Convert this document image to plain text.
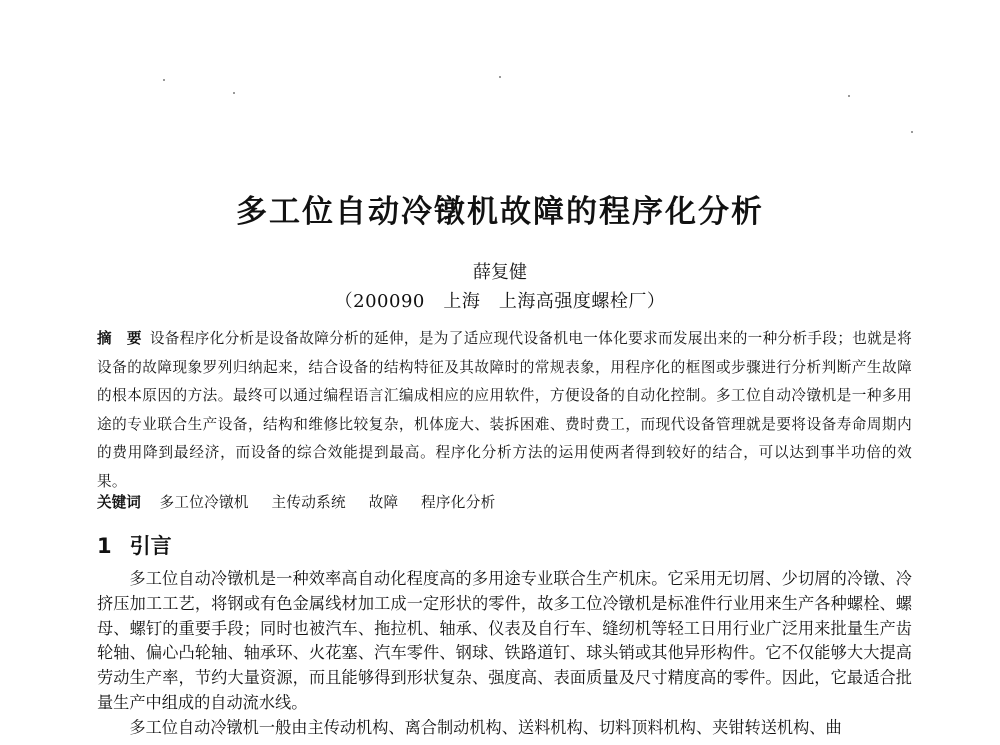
多工位自动冷镦机故障的程序化分析
薛复健
（200090　上海　上海高强度螺栓厂）
摘　要 设备程序化分析是设备故障分析的延伸，是为了适应现代设备机电一体化要求而发展出来的一种分析手段；也就是将设备的故障现象罗列归纳起来，结合设备的结构特征及其故障时的常规表象，用程序化的框图或步骤进行分析判断产生故障的根本原因的方法。最终可以通过编程语言汇编成相应的应用软件，方便设备的自动化控制。多工位自动冷镦机是一种多用途的专业联合生产设备，结构和维修比较复杂，机体庞大、装拆困难、费时费工，而现代设备管理就是要将设备寿命周期内的费用降到最经济，而设备的综合效能提到最高。程序化分析方法的运用使两者得到较好的结合，可以达到事半功倍的效果。
关键词 多工位冷镦机 主传动系统 故障 程序化分析
1 引言

多工位自动冷镦机是一种效率高自动化程度高的多用途专业联合生产机床。它采用无切屑、少切屑的冷镦、冷挤压加工工艺，将钢或有色金属线材加工成一定形状的零件，故多工位冷镦机是标准件行业用来生产各种螺栓、螺母、螺钉的重要手段；同时也被汽车、拖拉机、轴承、仪表及自行车、缝纫机等轻工日用行业广泛用来批量生产齿轮轴、偏心凸轮轴、轴承环、火花塞、汽车零件、钢球、铁路道钉、球头销或其他异形构件。它不仅能够大大提高劳动生产率，节约大量资源，而且能够得到形状复杂、强度高、表面质量及尺寸精度高的零件。因此，它最适合批量生产中组成的自动流水线。

多工位自动冷镦机一般由主传动机构、离合制动机构、送料机构、切料顶料机构、夹钳转送机构、曲
